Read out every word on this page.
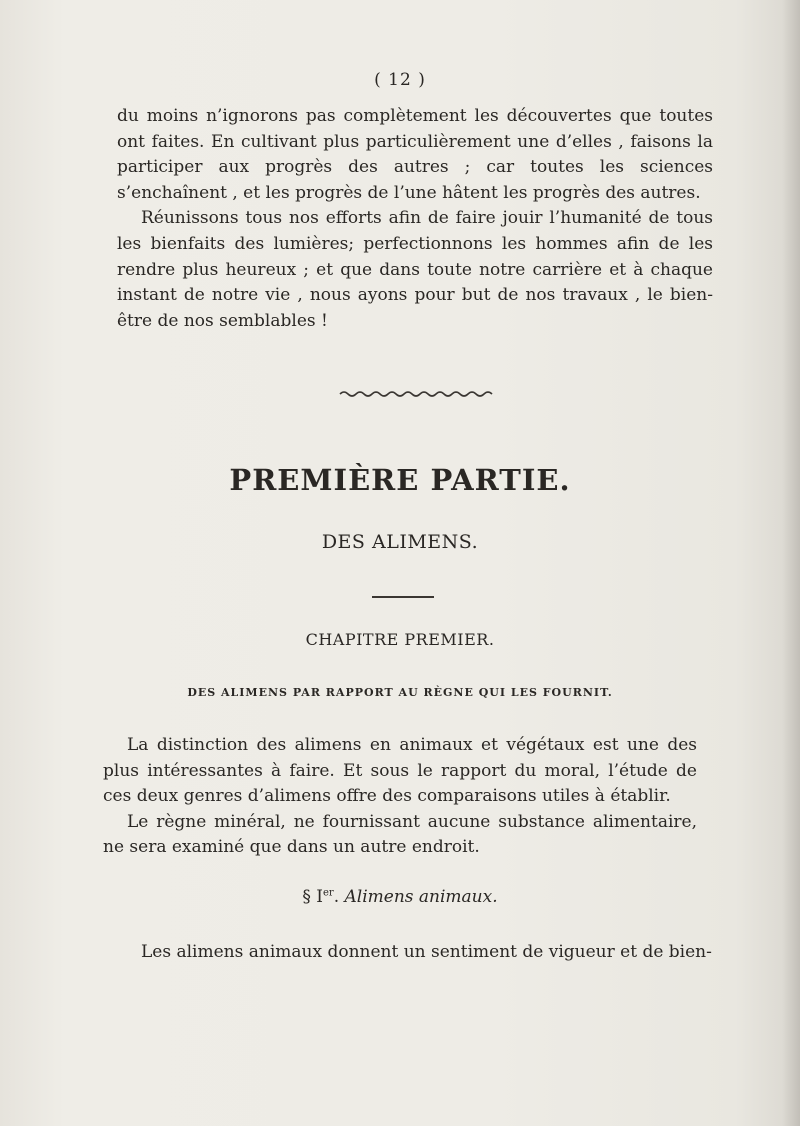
( 12 )

du moins n’ignorons pas complètement les découvertes que toutes ont faites. En cultivant plus particulièrement une d’elles , faisons la participer aux progrès des autres ; car toutes les sciences s’enchaînent , et les progrès de l’une hâtent les progrès des autres.

Réunissons tous nos efforts afin de faire jouir l’humanité de tous les bienfaits des lumières; perfectionnons les hommes afin de les rendre plus heureux ; et que dans toute notre carrière et à chaque instant de notre vie , nous ayons pour but de nos travaux , le bien-être de nos semblables !

PREMIÈRE PARTIE.
DES ALIMENS.
CHAPITRE PREMIER.
DES ALIMENS PAR RAPPORT AU RÈGNE QUI LES FOURNIT.

La distinction des alimens en animaux et végétaux est une des plus intéressantes à faire. Et sous le rapport du moral, l’étude de ces deux genres d’alimens offre des comparaisons utiles à établir.

Le règne minéral, ne fournissant aucune substance alimentaire, ne sera examiné que dans un autre endroit.

§ Ier. Alimens animaux.

Les alimens animaux donnent un sentiment de vigueur et de bien-
